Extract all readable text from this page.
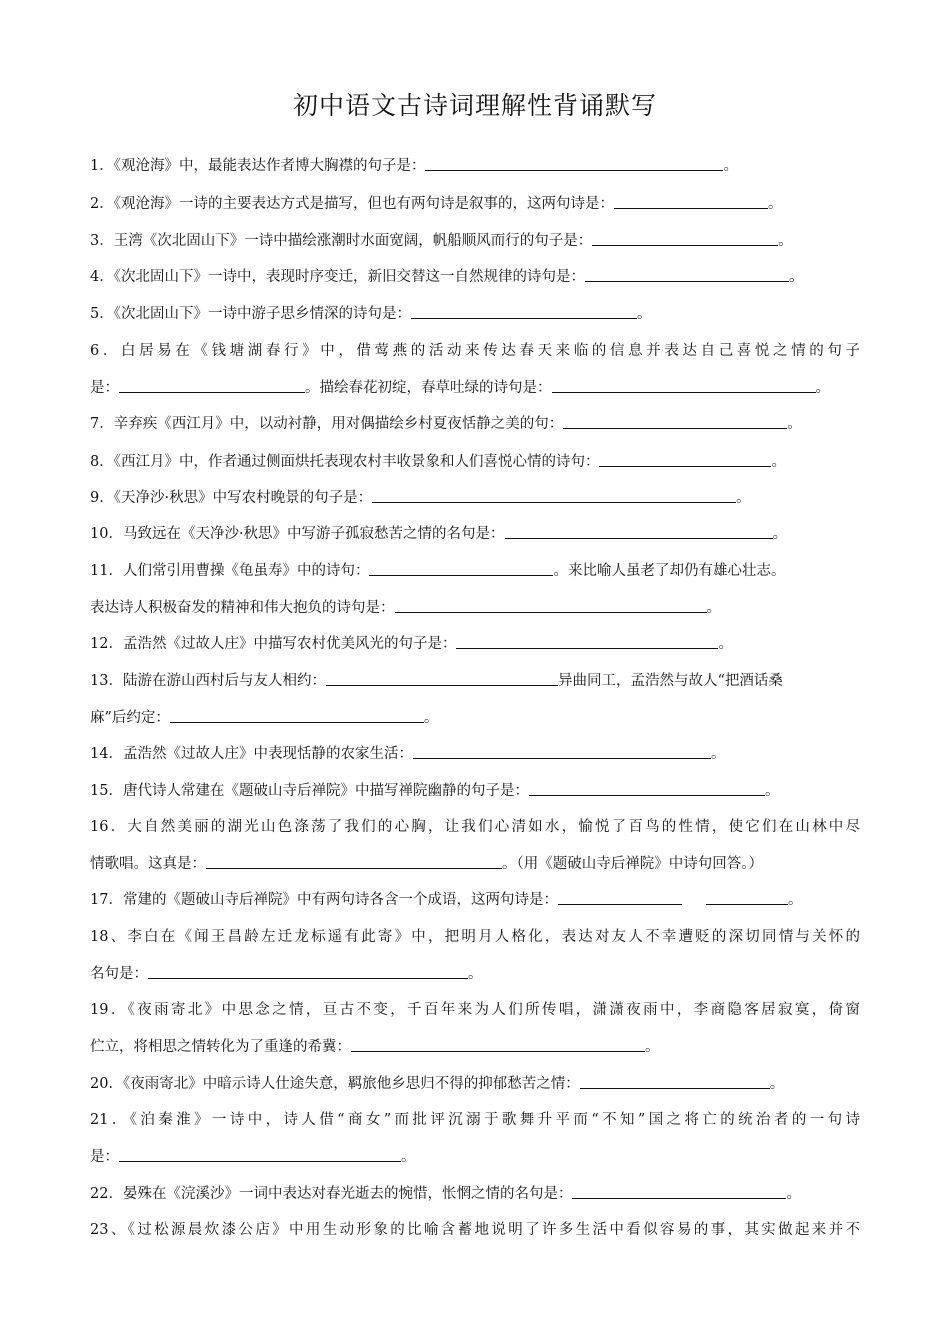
初中语文古诗词理解性背诵默写
1．《观沧海》中，最能表达作者博大胸襟的句子是：	。
2．《观沧海》一诗的主要表达方式是描写，但也有两句诗是叙事的，这两句诗是：	。
3．王湾《次北固山下》一诗中描绘涨潮时水面宽阔，帆船顺风而行的句子是：	。
4．《次北固山下》一诗中，表现时序变迁，新旧交替这一自然规律的诗句是：	。
5．《次北固山下》一诗中游子思乡情深的诗句是：	。
6．白居易在《钱塘湖春行》中，借莺燕的活动来传达春天来临的信息并表达自己喜悦之情的句子
是：	。描绘春花初绽，春草吐绿的诗句是：	。
7．辛弃疾《西江月》中，以动衬静，用对偶描绘乡村夏夜恬静之美的句：	。
8．《西江月》中，作者通过侧面烘托表现农村丰收景象和人们喜悦心情的诗句：	。
9．《天净沙·秋思》中写农村晚景的句子是：	。
10．马致远在《天净沙·秋思》中写游子孤寂愁苦之情的名句是：	。
11．人们常引用曹操《龟虽寿》中的诗句：	。来比喻人虽老了却仍有雄心壮志。
表达诗人积极奋发的精神和伟大抱负的诗句是：	。
12．孟浩然《过故人庄》中描写农村优美风光的句子是：	。
13．陆游在游山西村后与友人相约：	异曲同工，孟浩然与故人“把酒话桑
麻”后约定：	。
14．孟浩然《过故人庄》中表现恬静的农家生活：	。
15．唐代诗人常建在《题破山寺后禅院》中描写禅院幽静的句子是：	。
16．大自然美丽的湖光山色涤荡了我们的心胸，让我们心清如水，愉悦了百鸟的性情，使它们在山林中尽
情歌唱。这真是：	。（用《题破山寺后禅院》中诗句回答。）
17．常建的《题破山寺后禅院》中有两句诗各含一个成语，这两句诗是：	。
18、李白在《闻王昌龄左迁龙标遥有此寄》中，把明月人格化，表达对友人不幸遭贬的深切同情与关怀的
名句是：	。
19．《夜雨寄北》中思念之情，亘古不变，千百年来为人们所传唱，潇潇夜雨中，李商隐客居寂寞，倚窗
伫立，将相思之情转化为了重逢的希冀：	。
20．《夜雨寄北》中暗示诗人仕途失意，羁旅他乡思归不得的抑郁愁苦之情：	。
21．《泊秦淮》一诗中，诗人借“商女”而批评沉溺于歌舞升平而“不知”国之将亡的统治者的一句诗
是：	。
22．晏殊在《浣溪沙》一词中表达对春光逝去的惋惜，怅惘之情的名句是：	。
23、《过松源晨炊漆公店》中用生动形象的比喻含蓄地说明了许多生活中看似容易的事，其实做起来并不
